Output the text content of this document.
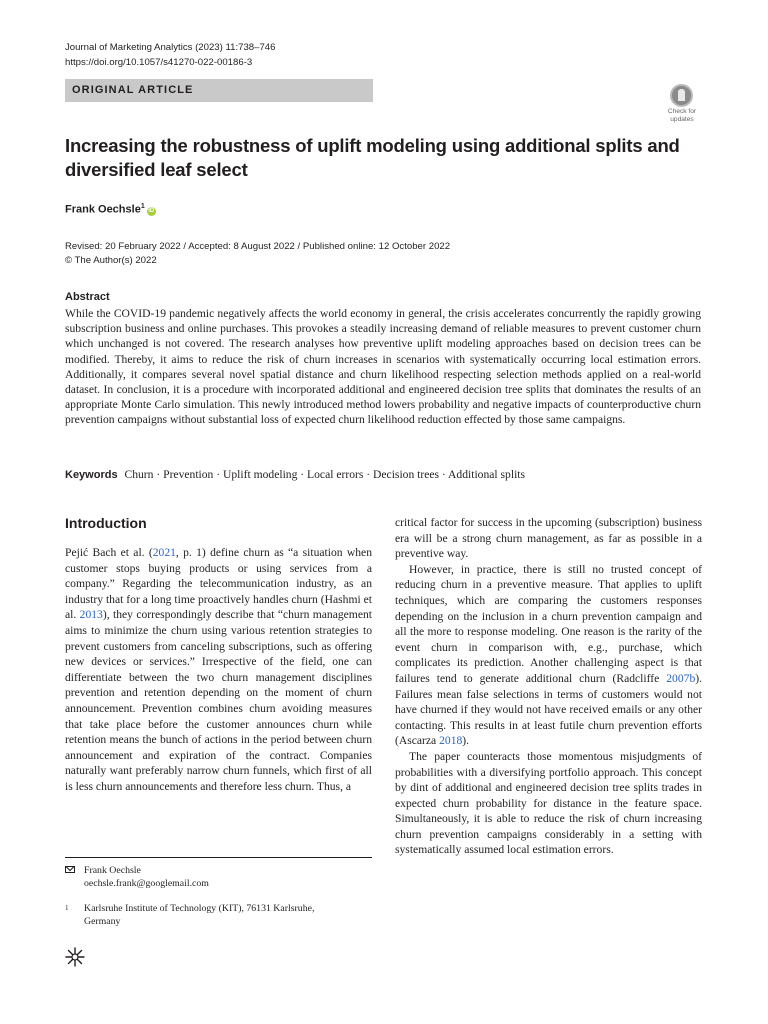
Journal of Marketing Analytics (2023) 11:738–746
https://doi.org/10.1057/s41270-022-00186-3
ORIGINAL ARTICLE
Check for
updates
Increasing the robustness of uplift modeling using additional splits and diversified leaf select
Frank Oechsle$^1$iD
Revised: 20 February 2022 / Accepted: 8 August 2022 / Published online: 12 October 2022
© The Author(s) 2022
Abstract
While the COVID-19 pandemic negatively affects the world economy in general, the crisis accelerates concurrently the rapidly growing subscription business and online purchases. This provokes a steadily increasing demand of reliable measures to prevent customer churn which unchanged is not covered. The research analyses how preventive uplift modeling approaches based on decision trees can be modified. Thereby, it aims to reduce the risk of churn increases in scenarios with systematically occurring local estimation errors. Additionally, it compares several novel spatial distance and churn likelihood respecting selection methods applied on a real-world dataset. In conclusion, it is a procedure with incorporated additional and engineered decision tree splits that dominates the results of an appropriate Monte Carlo simulation. This newly introduced method lowers probability and negative impacts of counterproductive churn prevention campaigns without substantial loss of expected churn likelihood reduction effected by those same campaigns.
Keywords Churn · Prevention · Uplift modeling · Local errors · Decision trees · Additional splits
Introduction

Pejić Bach et al. (2021, p. 1) define churn as “a situation when customer stops buying products or using services from a company.” Regarding the telecommunication industry, as an industry that for a long time proactively handles churn (Hashmi et al. 2013), they correspondingly describe that “churn management aims to minimize the churn using various retention strategies to prevent customers from canceling subscriptions, such as offering new devices or services.” Irrespective of the field, one can differentiate between the two churn management disciplines prevention and retention depending on the moment of churn announcement. Prevention combines churn avoiding measures that take place before the customer announces churn while retention means the bunch of actions in the period between churn announcement and expiration of the contract. Companies naturally want preferably narrow churn funnels, which first of all is less churn announcements and therefore less churn. Thus, a

Frank Oechsle
oechsle.frank@googlemail.com
1 Karlsruhe Institute of Technology (KIT), 76131 Karlsruhe,
Germany

critical factor for success in the upcoming (subscription) business era will be a strong churn management, as far as possible in a preventive way.

However, in practice, there is still no trusted concept of reducing churn in a preventive measure. That applies to uplift techniques, which are comparing the customers responses depending on the inclusion in a churn prevention campaign and all the more to response modeling. One reason is the rarity of the event churn in comparison with, e.g., purchase, which complicates its prediction. Another challenging aspect is that failures tend to generate additional churn (Radcliffe 2007b). Failures mean false selections in terms of customers would not have churned if they would not have received emails or any other contacting. This results in at least futile churn prevention efforts (Ascarza 2018).

The paper counteracts those momentous misjudgments of probabilities with a diversifying portfolio approach. This concept by dint of additional and engineered decision tree splits trades in expected churn probability for distance in the feature space. Simultaneously, it is able to reduce the risk of churn increasing churn prevention campaigns considerably in a setting with systematically assumed local estimation errors.
